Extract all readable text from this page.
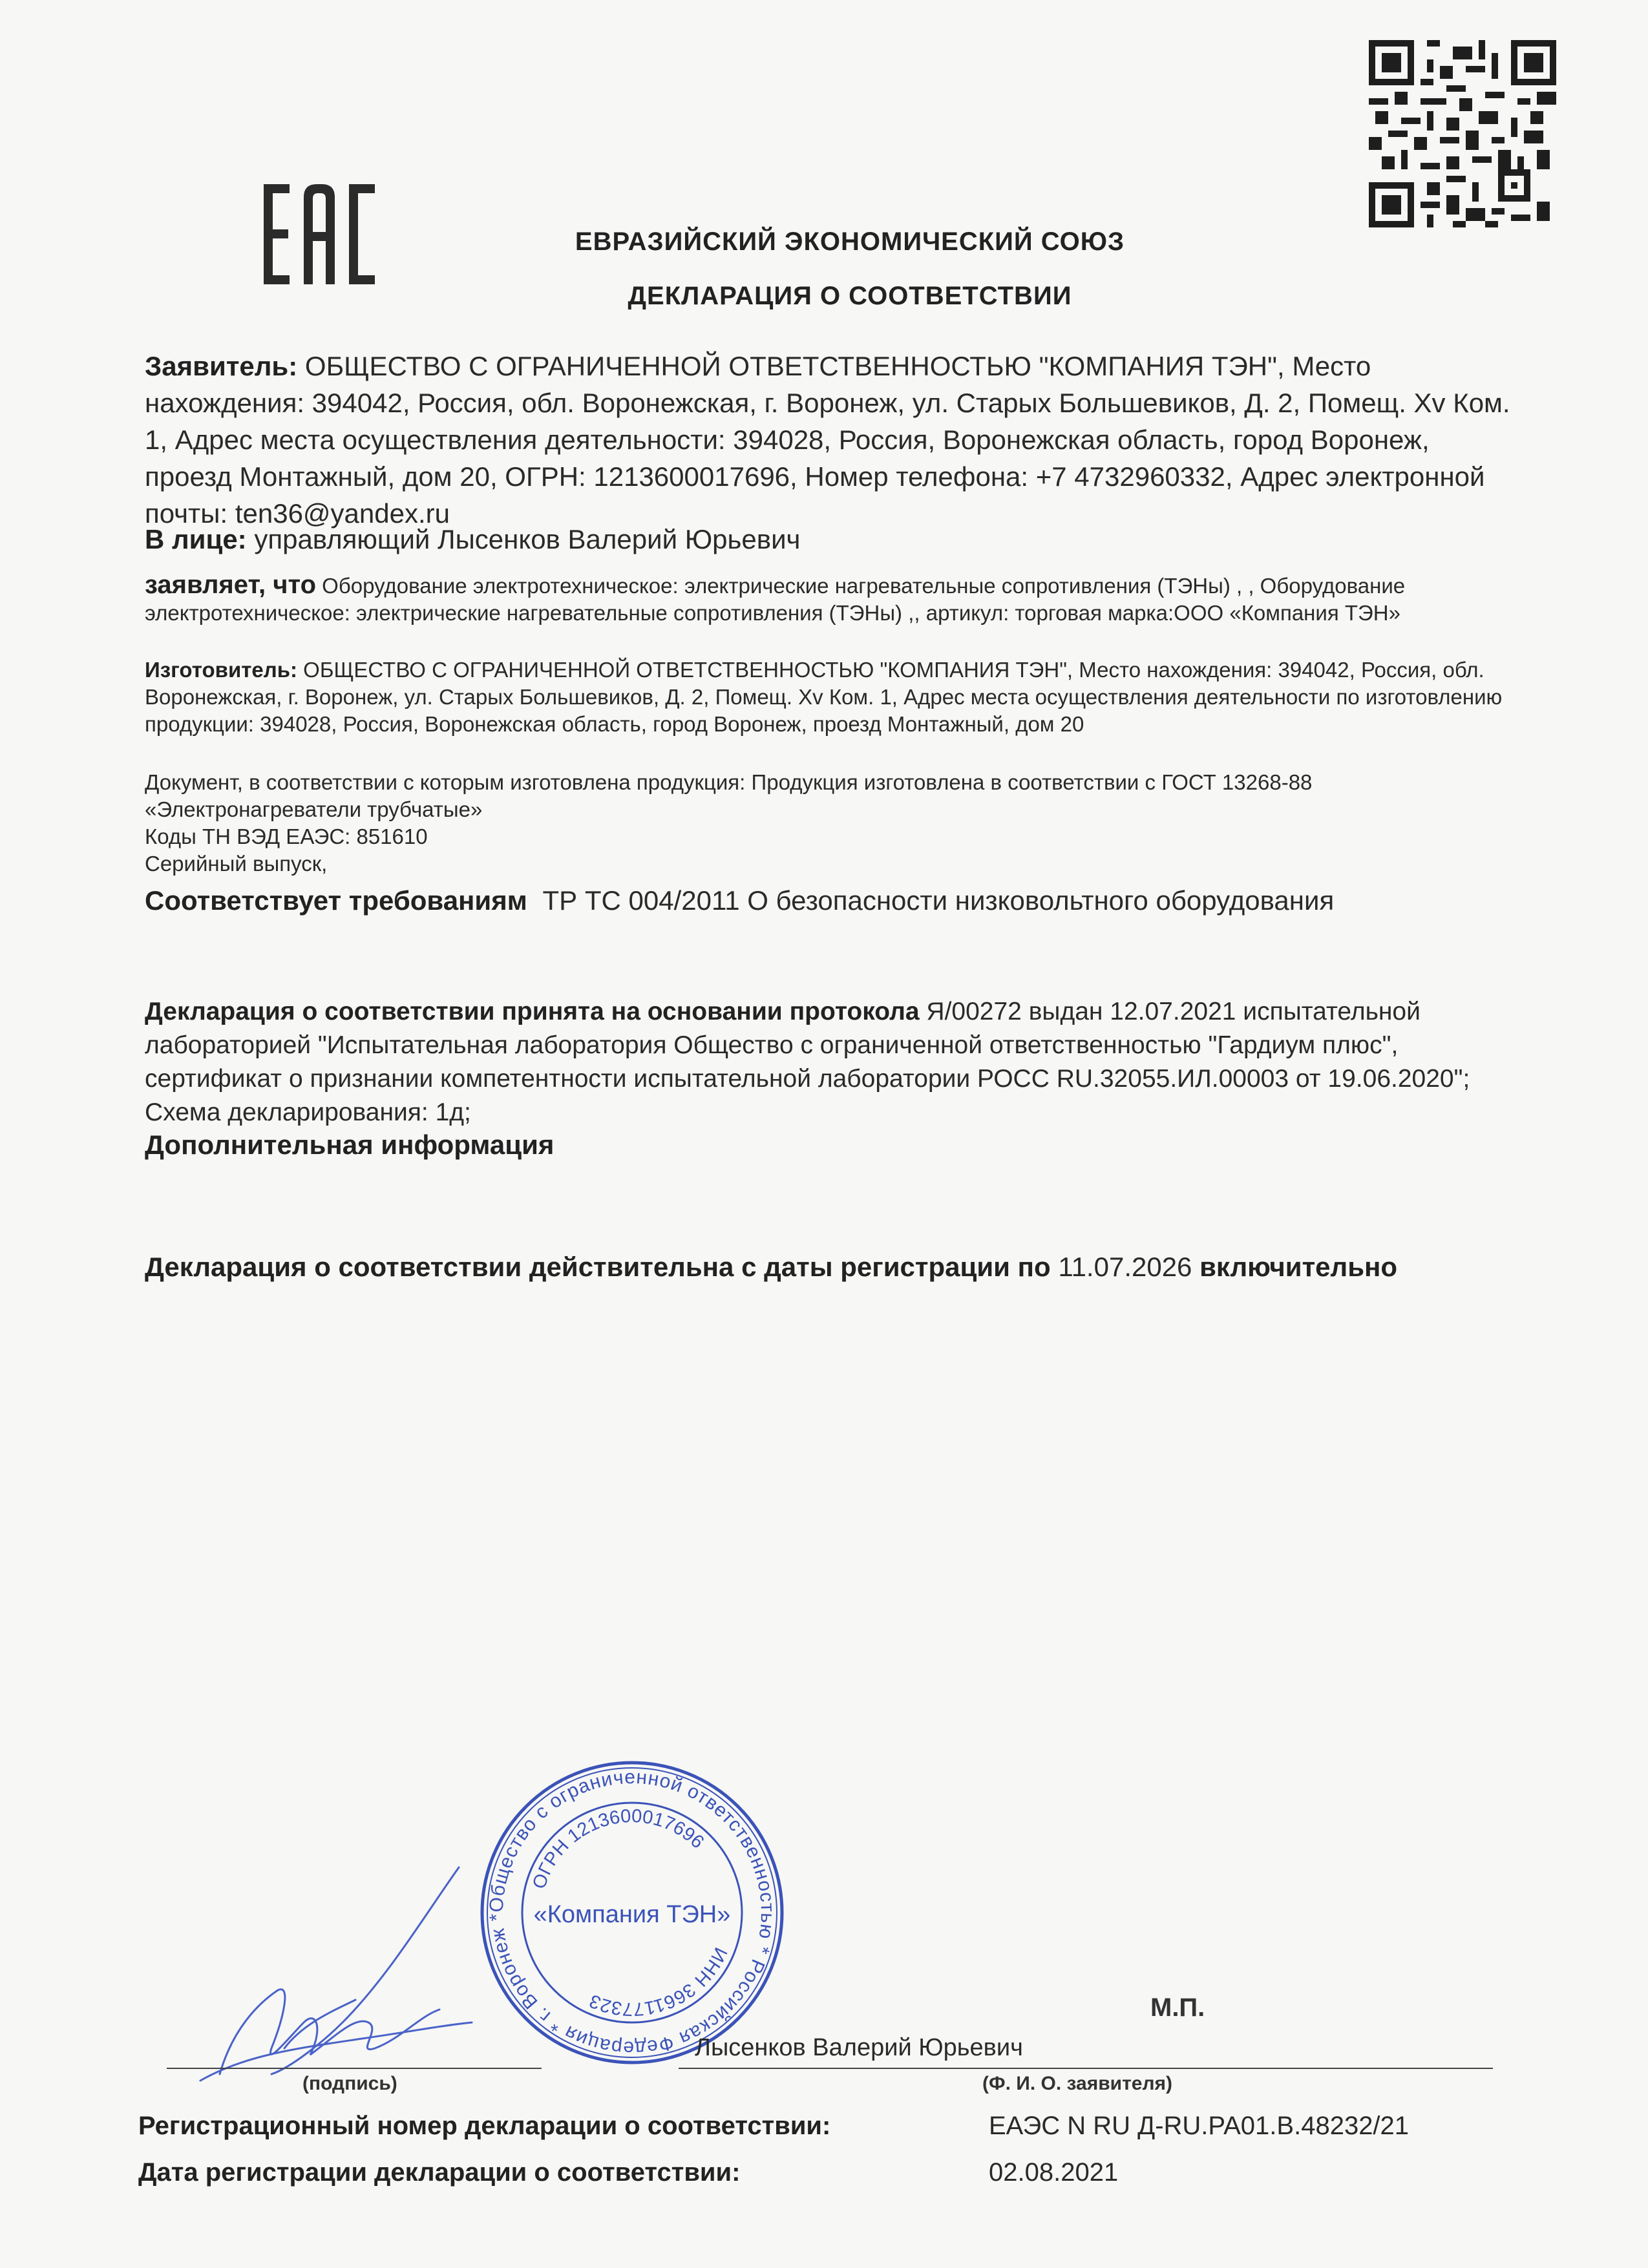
ЕВРАЗИЙСКИЙ ЭКОНОМИЧЕСКИЙ СОЮЗ
ДЕКЛАРАЦИЯ О СООТВЕТСТВИИ
Заявитель: ОБЩЕСТВО С ОГРАНИЧЕННОЙ ОТВЕТСТВЕННОСТЬЮ "КОМПАНИЯ ТЭН", Место нахождения: 394042, Россия, обл. Воронежская, г. Воронеж, ул. Старых Большевиков, Д. 2, Помещ. Xv Ком. 1, Адрес места осуществления деятельности: 394028, Россия, Воронежская область, город Воронеж, проезд Монтажный, дом 20, ОГРН: 1213600017696, Номер телефона: +7 4732960332, Адрес электронной почты: ten36@yandex.ru
В лице: управляющий Лысенков Валерий Юрьевич
заявляет, что Оборудование электротехническое: электрические нагревательные сопротивления (ТЭНы) , , Оборудование электротехническое: электрические нагревательные сопротивления (ТЭНы) ,, артикул: торговая марка:ООО «Компания ТЭН»
Изготовитель: ОБЩЕСТВО С ОГРАНИЧЕННОЙ ОТВЕТСТВЕННОСТЬЮ "КОМПАНИЯ ТЭН", Место нахождения: 394042, Россия, обл. Воронежская, г. Воронеж, ул. Старых Большевиков, Д. 2, Помещ. Xv Ком. 1, Адрес места осуществления деятельности по изготовлению продукции: 394028, Россия, Воронежская область, город Воронеж, проезд Монтажный, дом 20
Документ, в соответствии с которым изготовлена продукция: Продукция изготовлена в соответствии с ГОСТ 13268-88 «Электронагреватели трубчатые»
Коды ТН ВЭД ЕАЭС: 851610
Серийный выпуск,
Соответствует требованиям ТР ТС 004/2011 О безопасности низковольтного оборудования
Декларация о соответствии принята на основании протокола Я/00272 выдан 12.07.2021 испытательной лабораторией "Испытательная лаборатория Общество с ограниченной ответственностью "Гардиум плюс", сертификат о признании компетентности испытательной лаборатории РОСС RU.32055.ИЛ.00003 от 19.06.2020"; Схема декларирования: 1д;
Дополнительная информация
Декларация о соответствии действительна с даты регистрации по 11.07.2026 включительно
Общество с ограниченной ответственностью * Российская Федерация * г. Воронеж *
ОГРН 1213600017696
ИНН 3661177323
«Компания ТЭН»
М.П.
Лысенков Валерий Юрьевич
(подпись)	(Ф. И. О. заявителя)
Регистрационный номер декларации о соответствии:	ЕАЭС N RU Д-RU.PA01.B.48232/21
Дата регистрации декларации о соответствии:	02.08.2021
